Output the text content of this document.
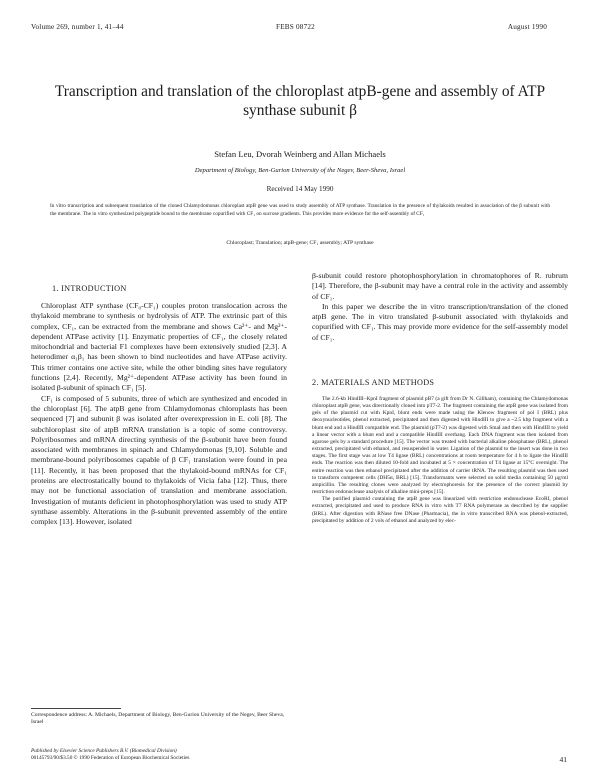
Volume 269, number 1, 41–44	FEBS 08722	August 1990
Transcription and translation of the chloroplast atpB-gene and assembly of ATP synthase subunit β
Stefan Leu, Dvorah Weinberg and Allan Michaels
Department of Biology, Ben-Gurion University of the Negev, Beer-Sheva, Israel
Received 14 May 1990
In vitro transcription and subsequent translation of the cloned Chlamydomonas chloroplast atpB gene was used to study assembly of ATP synthase. Translation in the presence of thylakoids resulted in association of the β subunit with the membrane. The in vitro synthesized polypeptide bound to the membrane copurified with CF₁ on sucrose gradients. This provides more evidence for the self-assembly of CF₁
Chloroplast; Translation; atpB-gene; CF₁ assembly; ATP synthase
1. INTRODUCTION

Chloroplast ATP synthase (CF₀-CF₁) couples proton translocation across the thylakoid membrane to synthesis or hydrolysis of ATP. The extrinsic part of this complex, CF₁, can be extracted from the membrane and shows Ca²⁺- and Mg²⁺-dependent ATPase activity [1]. Enzymatic properties of CF₁, the closely related mitochondrial and bacterial F1 complexes have been extensively studied [2,3]. A heterodimer α₁β₁ has been shown to bind nucleotides and have ATPase activity. This trimer contains one active site, while the other binding sites have regulatory functions [2,4]. Recently, Mg²⁺-dependent ATPase activity has been found in isolated β-subunit of spinach CF₁ [5].

CF₁ is composed of 5 subunits, three of which are synthesized and encoded in the chloroplast [6]. The atpB gene from Chlamydomonas chloroplasts has been sequenced [7] and subunit β was isolated after overexpression in E. coli [8]. The subchloroplast site of atpB mRNA translation is a topic of some controversy. Polyribosomes and mRNA directing synthesis of the β-subunit have been found associated with membranes in spinach and Chlamydomonas [9,10]. Soluble and membrane-bound polyribosomes capable of β CF₁ translation were found in pea [11]. Recently, it has been proposed that the thylakoid-bound mRNAs for CF₁ proteins are electrostatically bound to thylakoids of Vicia faba [12]. Thus, there may not be functional association of translation and membrane association. Investigation of mutants deficient in photophosphorylation was used to study ATP synthase assembly. Alterations in the β-subunit prevented assembly of the entire complex [13]. However, isolated

Correspondence address: A. Michaels, Department of Biology, Ben-Gurion University of the Negev, Beer Sheva, Israel
Published by Elsevier Science Publishers B.V. (Biomedical Division)
00145793/90/$3.50 © 1990 Federation of European Biochemical Societies

β-subunit could restore photophosphorylation in chromatophores of R. rubrum [14]. Therefore, the β-subunit may have a central role in the activity and assembly of CF₁.

In this paper we describe the in vitro transcription/translation of the cloned atpB gene. The in vitro translated β-subunit associated with thylakoids and copurified with CF₁. This may provide more evidence for the self-assembly model of CF₁.

2. MATERIALS AND METHODS

The 2.6-kb HindIII–KpnI fragment of plasmid pB7 (a gift from Dr N. Gillham), containing the Chlamydomonas chloroplast atpB gene, was directionally cloned into pT7-2. The fragment containing the atpB gene was isolated from gels of the plasmid cut with KpnI, blunt ends were made using the Klenow fragment of pol I (BRL) plus deoxynucleotides, phenol extracted, precipitated and then digested with HindIII to give a ~2.5 kbp fragment with a blunt end and a HindIII compatible end. The plasmid (pT7-2) was digested with SmaI and then with HindIII to yield a linear vector with a blunt end and a compatible HindIII overhang. Each DNA fragment was then isolated from agarose gels by a standard procedure [15]. The vector was treated with bacterial alkaline phosphatase (BRL), phenol extracted, precipitated with ethanol, and resuspended in water. Ligation of the plasmid to the insert was done in two stages. The first stage was at low T4 ligase (BRL) concentrations at room temperature for 4 h to ligate the HindIII ends. The reaction was then diluted 10-fold and incubated at 5 × concentration of T4 ligase at 15°C overnight. The entire reaction was then ethanol precipitated after the addition of carrier tRNA. The resulting plasmid was then used to transform competent cells (DH5α, BRL) [15]. Transformants were selected on solid media containing 50 µg/ml ampicillin. The resulting clones were analyzed by electrophoresis for the presence of the correct plasmid by restriction endonuclease analysis of alkaline mini-preps [15].

The purified plasmid containing the atpB gene was linearized with restriction endonuclease EcoRI, phenol extracted, precipitated and used to produce RNA in vitro with T7 RNA polymerase as described by the supplier (BRL). After digestion with RNase free DNase (Pharmacia), the in vitro transcribed RNA was phenol-extracted, precipitated by addition of 2 vols of ethanol and analyzed by elec-

41
